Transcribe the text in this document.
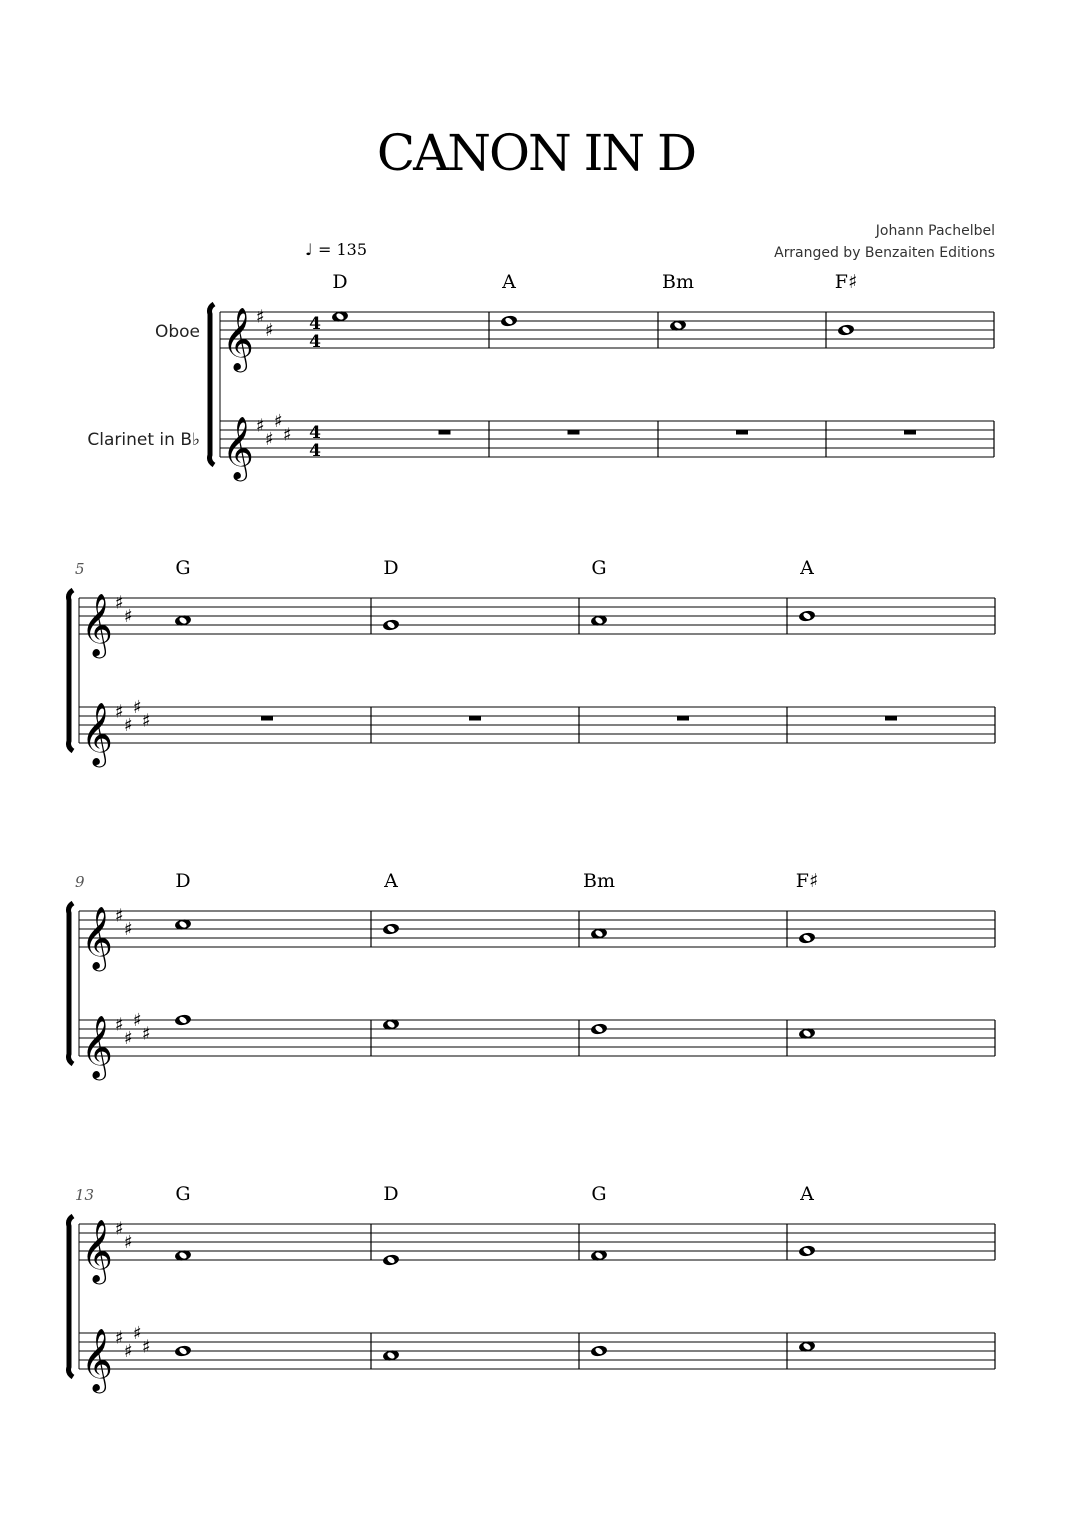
CANON IN D
Johann Pachelbel
Arranged by Benzaiten Editions
♩ = 135
Oboe
Clarinet in B♭
𝄞 ♯
♯ 4
4
𝄞 ♯
♯
♯
♯ 4
4
D	A	Bm	F♯
𝄞 ♯
♯
𝄞 ♯
♯
♯
♯
5	G	D	G	A
𝄞 ♯
♯
𝄞 ♯
♯
♯
♯
9	D	A	Bm	F♯
𝄞 ♯
♯
𝄞 ♯
♯
♯
♯
13	G	D	G	A
